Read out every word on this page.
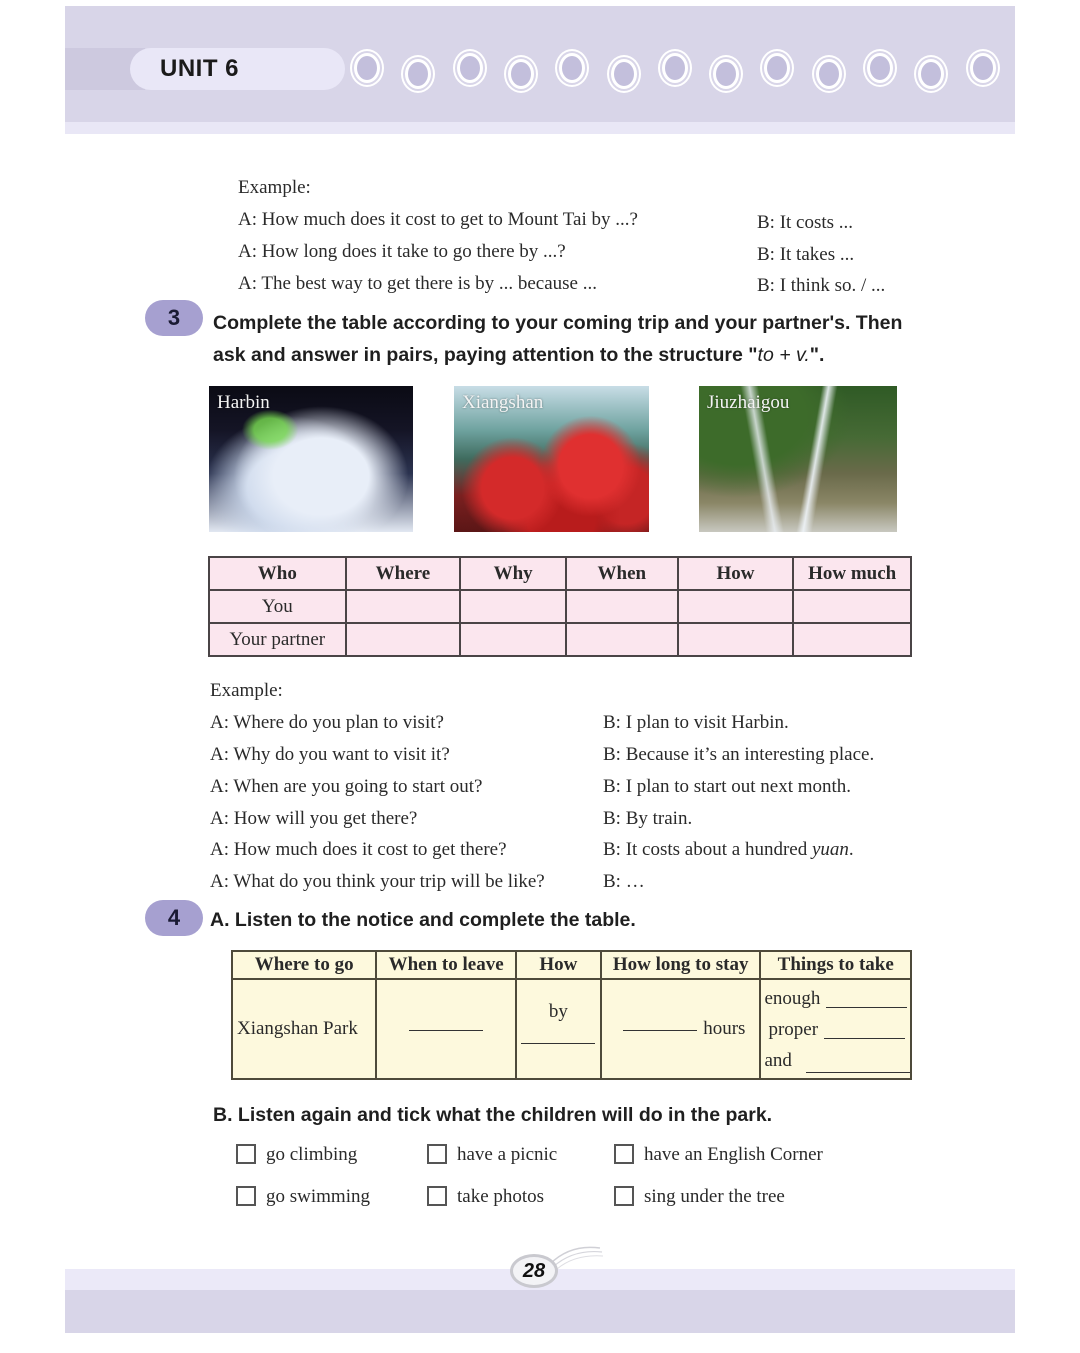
UNIT 6
Example:
A: How much does it cost to get to Mount Tai by ...?	B: It costs ...
A: How long does it take to go there by ...?	B: It takes ...
A: The best way to get there is by ... because ...	B: I think so. / ...
3 Complete the table according to your coming trip and your partner's. Then
ask and answer in pairs, paying attention to the structure "to + v.".
Harbin	Xiangshan	Jiuzhaigou
Who	Where	Why	When	How	How much
You					
Your partner					
Example:
A: Where do you plan to visit?	B: I plan to visit Harbin.
A: Why do you want to visit it?	B: Because it’s an interesting place.
A: When are you going to start out?	B: I plan to start out next month.
A: How will you get there?	B: By train.
A: How much does it cost to get there?	B: It costs about a hundred yuan.
A: What do you think your trip will be like?	B: …
4 A. Listen to the notice and complete the table.
Where to go	When to leave	How	How long to stay	Things to take
Xiangshan Park		by	hours	enough
proper
and
B. Listen again and tick what the children will do in the park.
go climbing	have a picnic	have an English Corner
go swimming	take photos	sing under the tree
28
